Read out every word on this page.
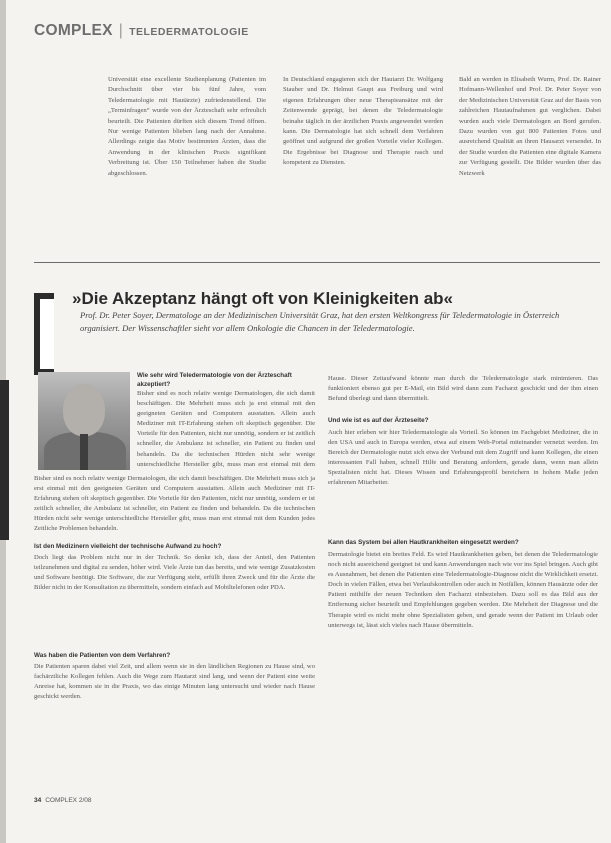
COMPLEX | TELEDERMATOLOGIE
Universität eine excellente Studienplanung (Patienten im Durchschnitt über vier bis fünf Jahre, vom Teledermatologie mit Hautärzte) zufriedenstellend. Die „Terminfragen“ wurde von der Ärzteschaft sehr erfreulich beurteilt. Die Patienten dürften sich diesem Trend öffnen. Nur wenige Patienten blieben lang nach der Annahme. Allerdings zeigte das Motiv bestimmten Ärzten, dass die Anwendung in der klinischen Praxis signifikant Verbreitung ist. Über 150 Teilnehmer haben die Studie abgeschlossen.
In Deutschland engagieren sich der Hautarzt Dr. Wolfgang Stauber und Dr. Helmut Gaupt aus Freiburg und wird eigenen Erfahrungen über neue Therapieansätze mit der Zeitenwende geprägt, bei denen die Teledermatologie beinahe täglich in der ärztlichen Praxis angewendet werden kann. Die Dermatologie hat sich schnell dem Verfahren geöffnet und aufgrund der großen Vorteile vieler Kollegen. Die Ergebnisse bei Diagnose und Therapie rasch und kompetent zu Diensten.
Bald an werden in Elisabeth Wurm, Prof. Dr. Rainer Hofmann-Wellenhof und Prof. Dr. Peter Soyer von der Medizinischen Universität Graz auf der Basis von zahlreichen Hautaufnahmen gut verglichen. Dabei wurden auch viele Dermatologen an Bord gerufen. Dazu wurden von gut 800 Patienten Fotos und ausreichend Qualität an ihren Hausarzt versendet. In der Studie wurden die Patienten eine digitale Kamera zur Verfügung gestellt. Die Bilder wurden über das Netzwerk
»Die Akzeptanz hängt oft von Kleinigkeiten ab«
Prof. Dr. Peter Soyer, Dermatologe an der Medizinischen Universität Graz, hat den ersten Weltkongress für Teledermatologie in Österreich organisiert. Der Wissenschaftler sieht vor allem Onkologie die Chancen in der Teledermatologie.
Wie sehr wird Teledermatologie von der Ärzteschaft akzeptiert?
Bisher sind es noch relativ wenige Dermatologen, die sich damit beschäftigen. Die Mehrheit muss sich ja erst einmal mit den geeigneten Geräten und Computern ausstatten. Allein auch Mediziner mit IT-Erfahrung stehen oft skeptisch gegenüber. Die Vorteile für den Patienten, nicht nur unnötig, sondern er ist zeitlich schneller, die Ambulanz ist schneller, ein Patient zu finden und behandeln. Da die technischen Hürden nicht sehr wenige unterschiedliche Hersteller gibt, muss man erst einmal mit dem
Bisher sind es noch relativ wenige Dermatologen, die sich damit beschäftigen. Die Mehrheit muss sich ja erst einmal mit den geeigneten Geräten und Computern ausstatten. Allein auch Mediziner mit IT-Erfahrung stehen oft skeptisch gegenüber. Die Vorteile für den Patienten, nicht nur unnötig, sondern er ist zeitlich schneller, die Ambulanz ist schneller, ein Patient zu finden und behandeln. Da die technischen Hürden nicht sehr wenige unterschiedliche Hersteller gibt, muss man erst einmal mit dem Kunden jedes Zeitliche Problemen behandeln.
Ist den Medizinern vielleicht der technische Aufwand zu hoch?
Doch liegt das Problem nicht nur in der Technik. So denke ich, dass der Anteil, den Patienten teilzunehmen und digital zu senden, höher wird. Viele Ärzte tun das bereits, und wie wenige Zusatzkosten und Software benötigt. Die Software, die zur Verfügung steht, erfüllt ihren Zweck und für die Ärzte die Bilder nicht in der Konsultation zu übermitteln, sondern einfach auf Mobiltelefonen oder PDA.
Was haben die Patienten von dem Verfahren?
Die Patienten sparen dabei viel Zeit, und allem wenn sie in den ländlichen Regionen zu Hause sind, wo fachärztliche Kollegen fehlen. Auch die Wege zum Hautarzt sind lang, und wenn der Patient eine weite Anreise hat, kommen sie in die Praxis, wo das einige Minuten lang untersucht und wieder nach Hause geschickt werden.
Hause. Dieser Zeitaufwand könnte man durch die Teledermatologie stark minimieren. Das funktioniert ebenso gut per E-Mail, ein Bild wird dann zum Facharzt geschickt und der ihm einen Befund überlegt und dann übermittelt.
Und wie ist es auf der Ärzteseite?
Auch hier erleben wir hier Teledermatologie als Vorteil. So können im Fachgebiet Mediziner, die in den USA und auch in Europa werden, etwa auf einem Web-Portal miteinander vernetzt werden. Im Bereich der Dermatologie nutzt sich etwa der Verbund mit dem Zugriff und kann Kollegen, die einen interessanten Fall haben, schnell Hilfe und Beratung anfordern, gerade dann, wenn man allein Spezialisten nicht hat. Dieses Wissen und Erfahrungsprofil bereichern in hohem Maße jeden erfahrenen Mitarbeiter.
Kann das System bei allen Hautkrankheiten eingesetzt werden?
Dermatologie bietet ein breites Feld. Es wird Hautkrankheiten geben, bei denen die Teledermatologie noch nicht ausreichend geeignet ist und kann Anwendungen nach wie vor ins Spiel bringen. Auch gibt es Ausnahmen, bei denen die Patienten eine Teledermatologie-Diagnose nicht die Wirklichkeit ersetzt. Doch in vielen Fällen, etwa bei Verlaufskontrollen oder auch in Notfällen, können Hausärzte oder der Patient mithilfe der neuen Techniken den Facharzt einbeziehen. Dazu soll es das Bild aus der Entfernung sicher beurteilt und Empfehlungen gegeben werden. Die Mehrheit der Diagnose und die Therapie wird es nicht mehr ohne Spezialisten geben, und gerade wenn der Patient im Urlaub oder unterwegs ist, lässt sich vieles nach Hause übermitteln.
34 COMPLEX 2/08
